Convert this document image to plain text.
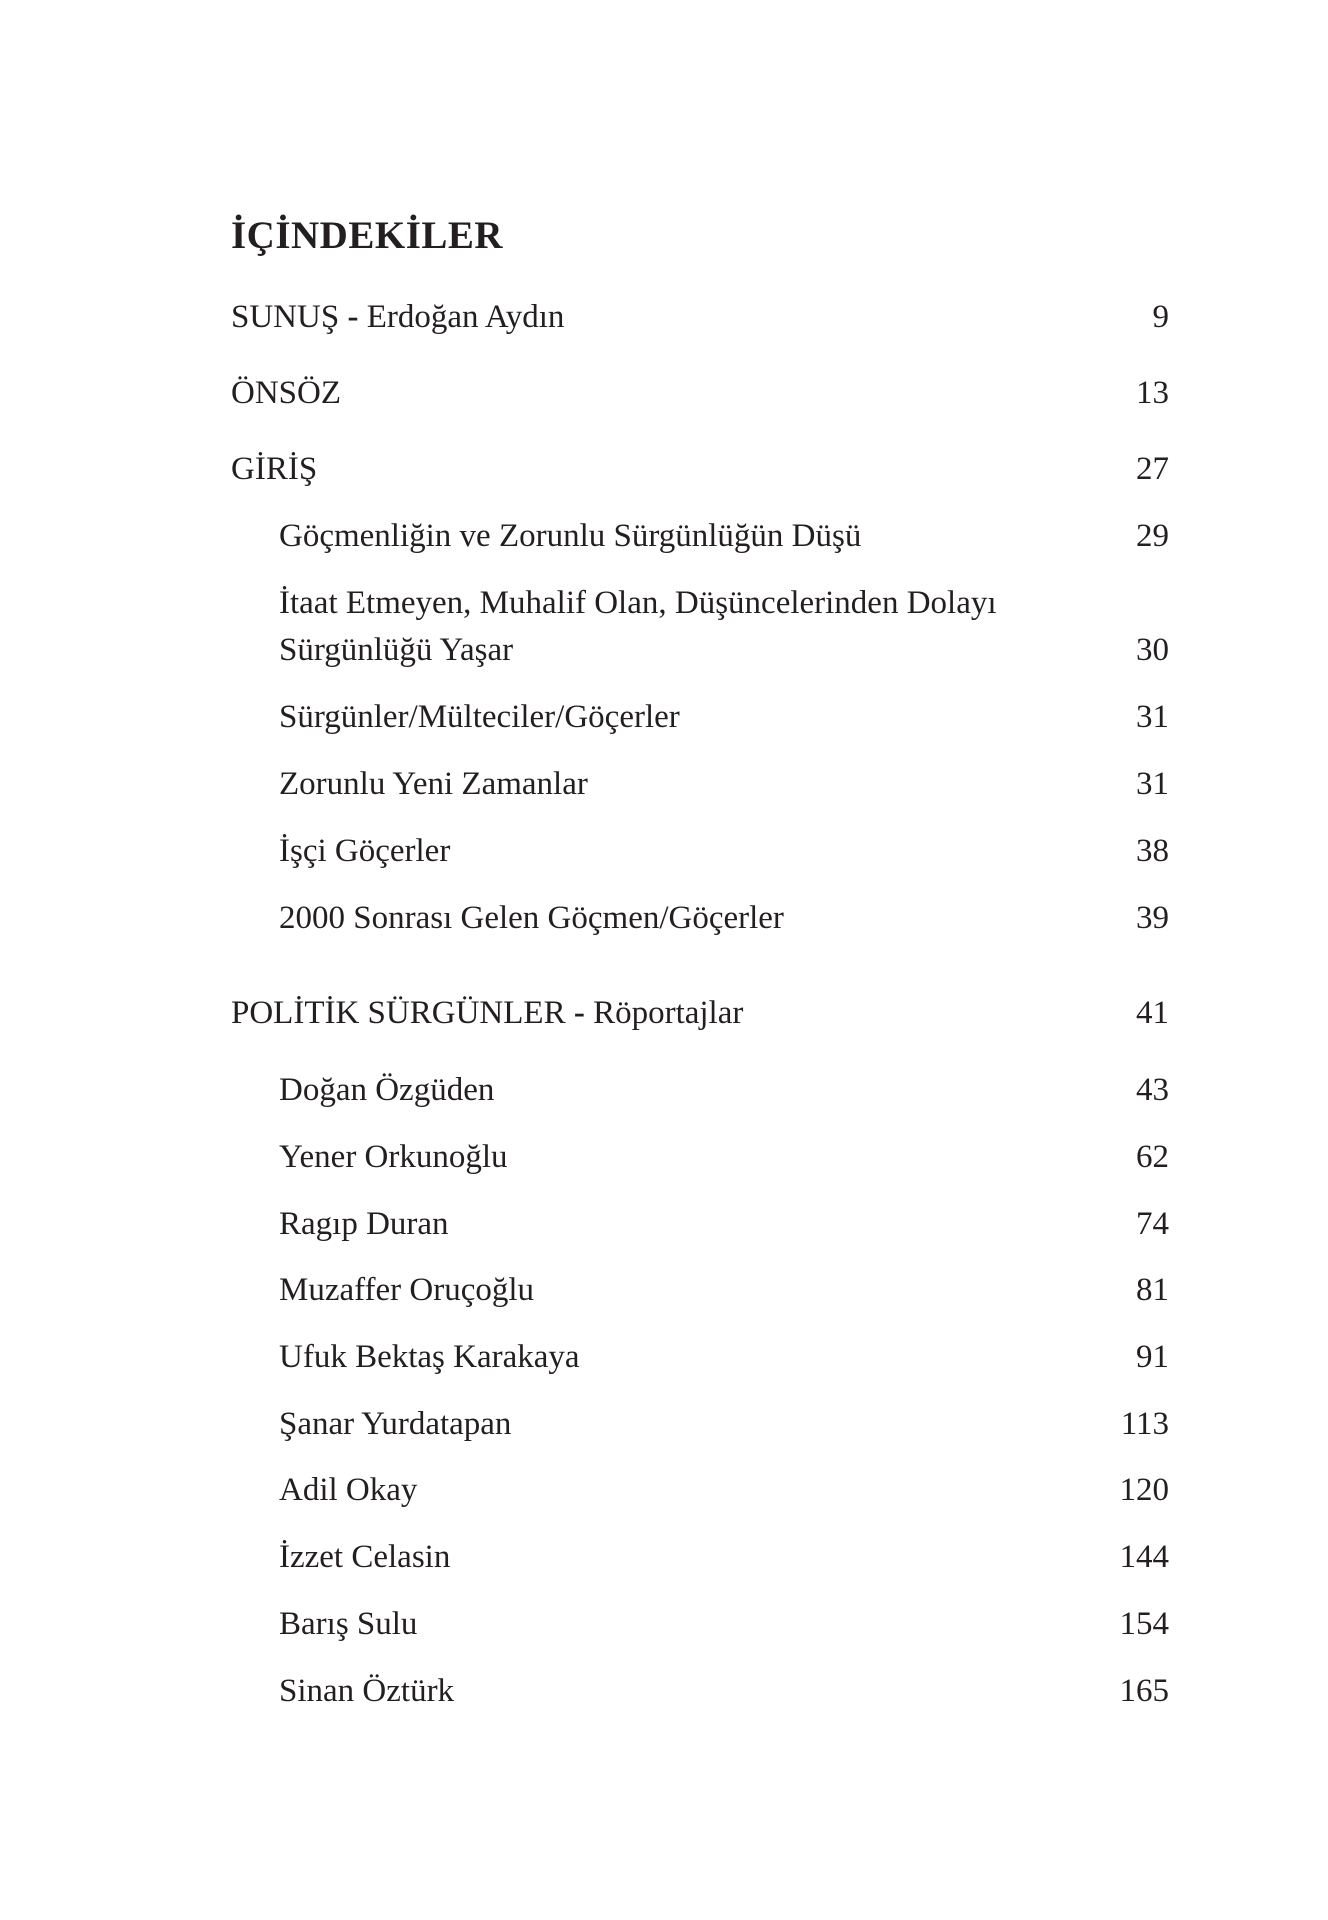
İÇİNDEKİLER
SUNUŞ - Erdoğan Aydın	9
ÖNSÖZ	13
GİRİŞ	27
Göçmenliğin ve Zorunlu Sürgünlüğün Düşü	29
İtaat Etmeyen, Muhalif Olan, Düşüncelerinden Dolayı
Sürgünlüğü Yaşar	30
Sürgünler/Mülteciler/Göçerler	31
Zorunlu Yeni Zamanlar	31
İşçi Göçerler	38
2000 Sonrası Gelen Göçmen/Göçerler	39
POLİTİK SÜRGÜNLER - Röportajlar	41
Doğan Özgüden	43
Yener Orkunoğlu	62
Ragıp Duran	74
Muzaffer Oruçoğlu	81
Ufuk Bektaş Karakaya	91
Şanar Yurdatapan	113
Adil Okay	120
İzzet Celasin	144
Barış Sulu	154
Sinan Öztürk	165
